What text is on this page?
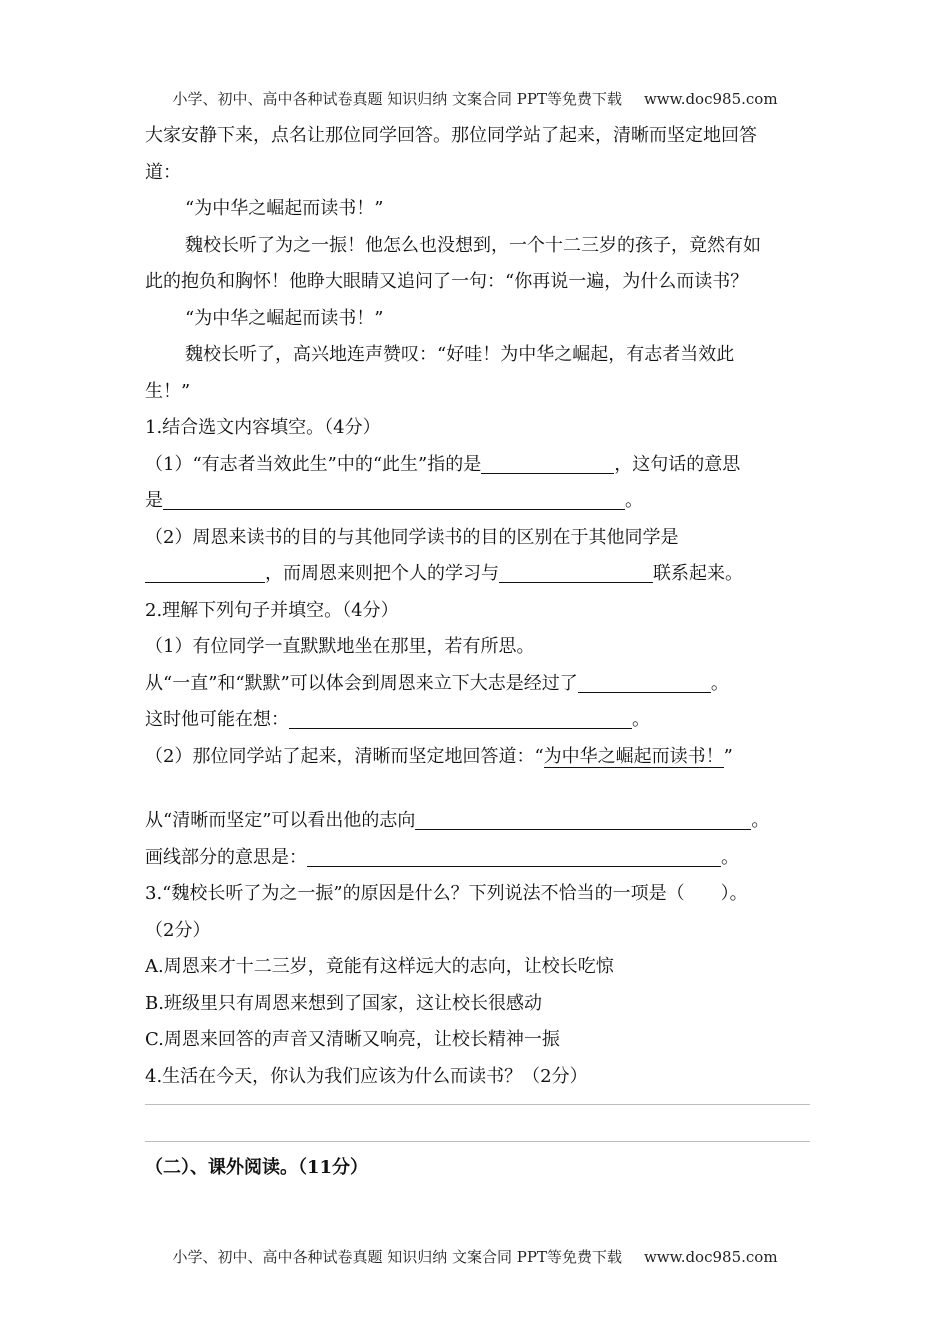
小学、初中、高中各种试卷真题 知识归纳 文案合同 PPT等免费下载 www.doc985.com

大家安静下来，点名让那位同学回答。那位同学站了起来，清晰而坚定地回答

道：

“为中华之崛起而读书！”

魏校长听了为之一振！他怎么也没想到，一个十二三岁的孩子，竟然有如

此的抱负和胸怀！他睁大眼睛又追问了一句：“你再说一遍，为什么而读书？

“为中华之崛起而读书！”

魏校长听了，高兴地连声赞叹：“好哇！为中华之崛起，有志者当效此

生！”

1.结合选文内容填空。（4分）

（1）“有志者当效此生”中的“此生”指的是	，这句话的意思

是	。

（2）周恩来读书的目的与其他同学读书的目的区别在于其他同学是

，而周恩来则把个人的学习与	联系起来。

2.理解下列句子并填空。（4分）

（1）有位同学一直默默地坐在那里，若有所思。

从“一直”和“默默”可以体会到周恩来立下大志是经过了	。

这时他可能在想：	。

（2）那位同学站了起来，清晰而坚定地回答道：“为中华之崛起而读书！”

从“清晰而坚定”可以看出他的志向	。

画线部分的意思是：	。

3.“魏校长听了为之一振”的原因是什么？下列说法不恰当的一项是（　　）。

（2分）

A.周恩来才十二三岁，竟能有这样远大的志向，让校长吃惊

B.班级里只有周恩来想到了国家，这让校长很感动

C.周恩来回答的声音又清晰又响亮，让校长精神一振

4.生活在今天，你认为我们应该为什么而读书？（2分）

（二）、课外阅读。（11分）

小学、初中、高中各种试卷真题 知识归纳 文案合同 PPT等免费下载 www.doc985.com
